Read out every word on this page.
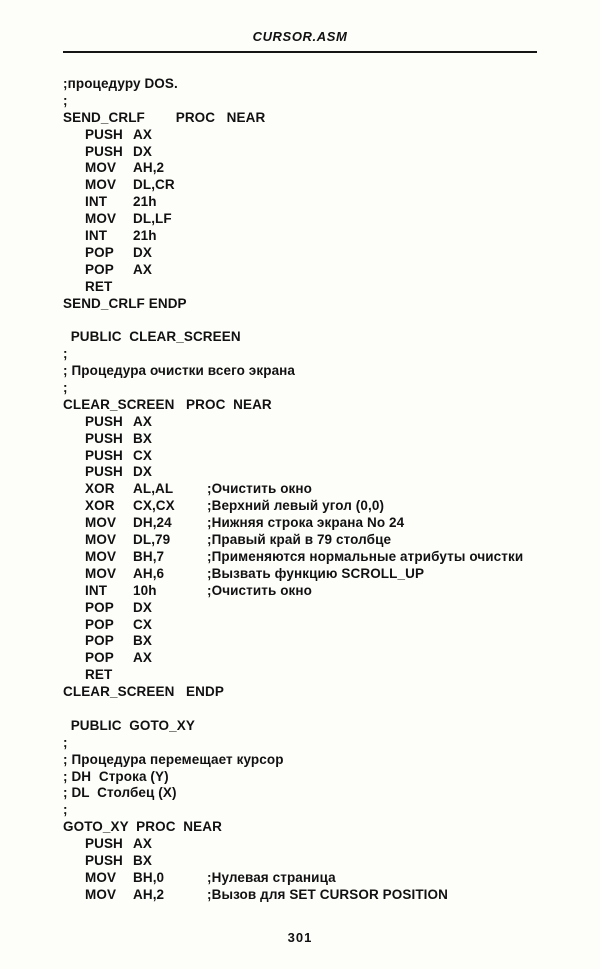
CURSOR.ASM
;процедуру DOS.
;
SEND_CRLF        PROC   NEAR
PUSH AX
PUSH DX
MOV AH,2
MOV DL,CR
INT 21h
MOV DL,LF
INT 21h
POP DX
POP AX
RET
SEND_CRLF ENDP

PUBLIC  CLEAR_SCREEN
;
; Процедура очистки всего экрана
;
CLEAR_SCREEN   PROC  NEAR
PUSH AX
PUSH BX
PUSH CX
PUSH DX
XOR AL,AL	;Очистить окно
XOR CX,CX ;Верхний левый угол (0,0)
MOV DH,24	;Нижняя строка экрана No 24
MOV DL,79	;Правый край в 79 столбце
MOV BH,7	;Применяются нормальные атрибуты очистки
MOV AH,6	;Вызвать функцию SCROLL_UP
INT 10h	;Очистить окно
POP DX
POP CX
POP BX
POP AX
RET
CLEAR_SCREEN   ENDP

PUBLIC  GOTO_XY
;
; Процедура перемещает курсор
; DH  Строка (Y)
; DL  Столбец (X)
;
GOTO_XY  PROC  NEAR
PUSH AX
PUSH BX
MOV BH,0	;Нулевая страница
MOV AH,2	;Вызов для SET CURSOR POSITION
301
